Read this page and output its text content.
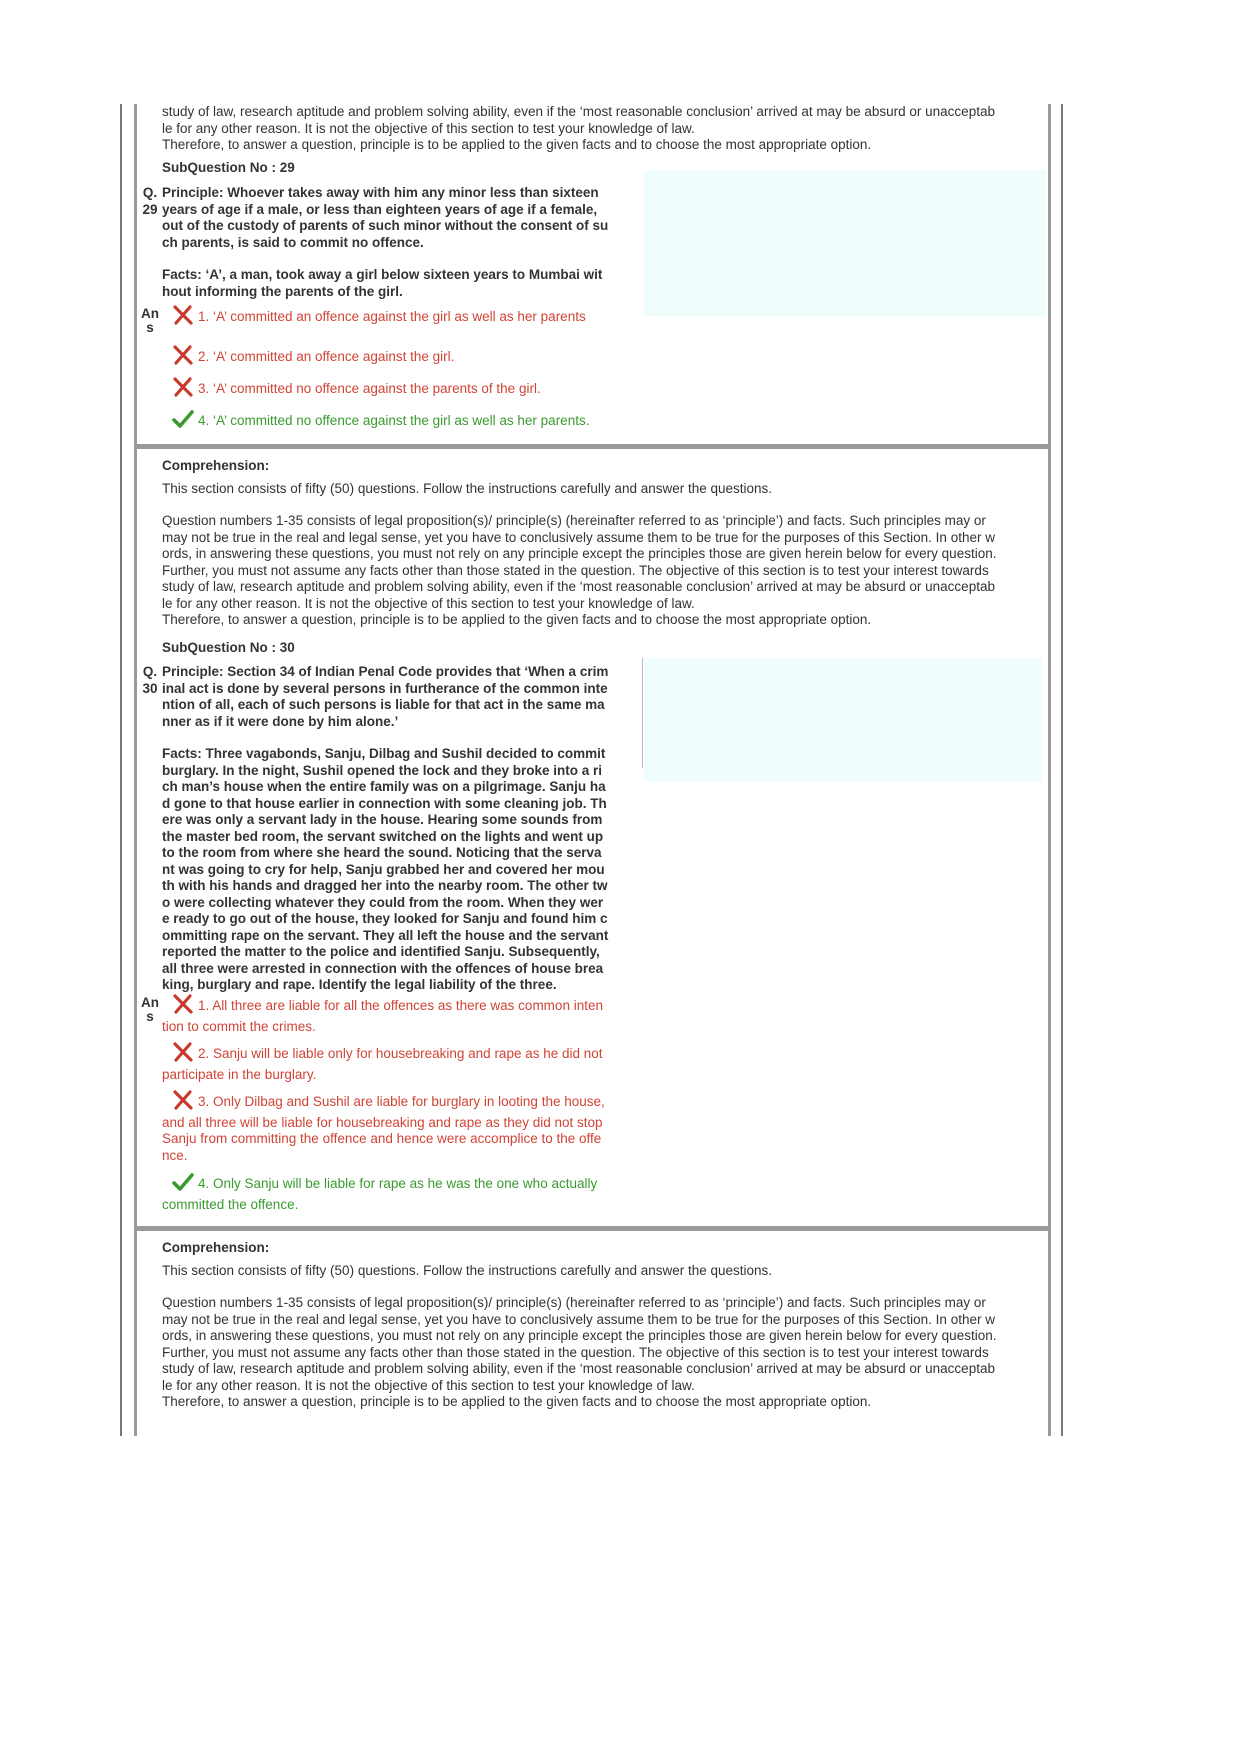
study of law, research aptitude and problem solving ability, even if the ‘most reasonable conclusion’ arrived at may be absurd or unacceptab

le for any other reason. It is not the objective of this section to test your knowledge of law.

Therefore, to answer a question, principle is to be applied to the given facts and to choose the most appropriate option.

SubQuestion No : 29
Q.
29
Principle: Whoever takes away with him any minor less than sixteen
years of age if a male, or less than eighteen years of age if a female,
out of the custody of parents of such minor without the consent of su
ch parents, is said to commit no offence.
Facts: ‘A’, a man, took away a girl below sixteen years to Mumbai wit
hout informing the parents of the girl.
An
s
1. ‘A’ committed an offence against the girl as well as her parents
2. ‘A’ committed an offence against the girl.
3. ‘A’ committed no offence against the parents of the girl.
4. ‘A’ committed no offence against the girl as well as her parents.

Comprehension:

This section consists of fifty (50) questions. Follow the instructions carefully and answer the questions.

Question numbers 1-35 consists of legal proposition(s)/ principle(s) (hereinafter referred to as ‘principle’) and facts. Such principles may or

may not be true in the real and legal sense, yet you have to conclusively assume them to be true for the purposes of this Section. In other w

ords, in answering these questions, you must not rely on any principle except the principles those are given herein below for every question.

Further, you must not assume any facts other than those stated in the question. The objective of this section is to test your interest towards

study of law, research aptitude and problem solving ability, even if the ‘most reasonable conclusion’ arrived at may be absurd or unacceptab

le for any other reason. It is not the objective of this section to test your knowledge of law.

Therefore, to answer a question, principle is to be applied to the given facts and to choose the most appropriate option.

SubQuestion No : 30
Q.
30
Principle: Section 34 of Indian Penal Code provides that ‘When a crim
inal act is done by several persons in furtherance of the common inte
ntion of all, each of such persons is liable for that act in the same ma
nner as if it were done by him alone.’
Facts: Three vagabonds, Sanju, Dilbag and Sushil decided to commit
burglary. In the night, Sushil opened the lock and they broke into a ri
ch man’s house when the entire family was on a pilgrimage. Sanju ha
d gone to that house earlier in connection with some cleaning job. Th
ere was only a servant lady in the house. Hearing some sounds from
the master bed room, the servant switched on the lights and went up
to the room from where she heard the sound. Noticing that the serva
nt was going to cry for help, Sanju grabbed her and covered her mou
th with his hands and dragged her into the nearby room. The other tw
o were collecting whatever they could from the room. When they wer
e ready to go out of the house, they looked for Sanju and found him c
ommitting rape on the servant. They all left the house and the servant
reported the matter to the police and identified Sanju. Subsequently,
all three were arrested in connection with the offences of house brea
king, burglary and rape. Identify the legal liability of the three.
An
s
1. All three are liable for all the offences as there was common inten
tion to commit the crimes.
2. Sanju will be liable only for housebreaking and rape as he did not
participate in the burglary.
3. Only Dilbag and Sushil are liable for burglary in looting the house,
and all three will be liable for housebreaking and rape as they did not stop
Sanju from committing the offence and hence were accomplice to the offe
nce.
4. Only Sanju will be liable for rape as he was the one who actually
committed the offence.

Comprehension:

This section consists of fifty (50) questions. Follow the instructions carefully and answer the questions.

Question numbers 1-35 consists of legal proposition(s)/ principle(s) (hereinafter referred to as ‘principle’) and facts. Such principles may or

may not be true in the real and legal sense, yet you have to conclusively assume them to be true for the purposes of this Section. In other w

ords, in answering these questions, you must not rely on any principle except the principles those are given herein below for every question.

Further, you must not assume any facts other than those stated in the question. The objective of this section is to test your interest towards

study of law, research aptitude and problem solving ability, even if the ‘most reasonable conclusion’ arrived at may be absurd or unacceptab

le for any other reason. It is not the objective of this section to test your knowledge of law.

Therefore, to answer a question, principle is to be applied to the given facts and to choose the most appropriate option.
